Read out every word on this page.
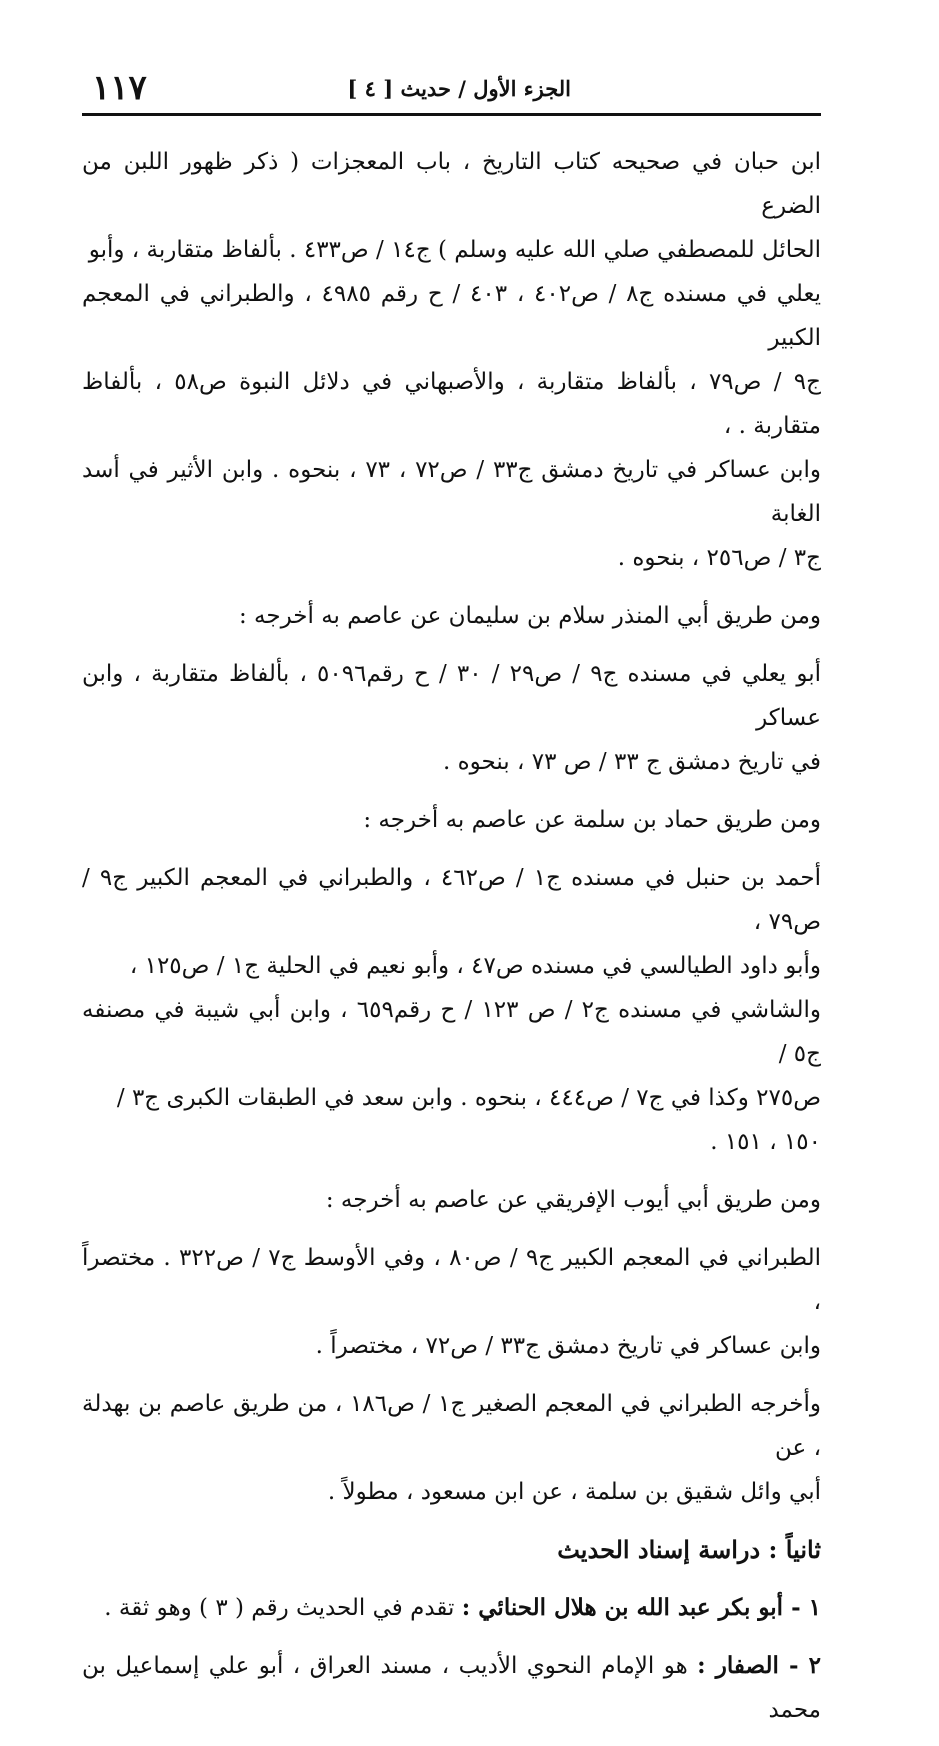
الجزء الأول / حديث [ ٤ ]
١١٧
ابن حبان في صحيحه كتاب التاريخ ، باب المعجزات ( ذكر ظهور اللبن من الضرع
الحائل للمصطفي صلي الله عليه وسلم ) ج١٤ / ص٤٣٣ . بألفاظ متقاربة ، وأبو
يعلي في مسنده ج٨ / ص٤٠٢ ، ٤٠٣ / ح رقم ٤٩٨٥ ، والطبراني في المعجم الكبير
ج٩ / ص٧٩ ، بألفاظ متقاربة ، والأصبهاني في دلائل النبوة ص٥٨ ، بألفاظ متقاربة . ،
وابن عساكر في تاريخ دمشق ج٣٣ / ص٧٢ ، ٧٣ ، بنحوه . وابن الأثير في أسد الغابة
ج٣ / ص٢٥٦ ، بنحوه .
ومن طريق أبي المنذر سلام بن سليمان عن عاصم به أخرجه :
أبو يعلي في مسنده ج٩ / ص٢٩ / ٣٠ / ح رقم٥٠٩٦ ، بألفاظ متقاربة ، وابن عساكر
في تاريخ دمشق ج ٣٣ / ص ٧٣ ، بنحوه .
ومن طريق حماد بن سلمة عن عاصم به أخرجه :
أحمد بن حنبل في مسنده ج١ / ص٤٦٢ ، والطبراني في المعجم الكبير ج٩ / ص٧٩ ،
وأبو داود الطيالسي في مسنده ص٤٧ ، وأبو نعيم في الحلية ج١ / ص١٢٥ ،
والشاشي في مسنده ج٢ / ص ١٢٣ / ح رقم٦٥٩ ، وابن أبي شيبة في مصنفه ج٥ /
ص٢٧٥ وكذا في ج٧ / ص٤٤٤ ، بنحوه . وابن سعد في الطبقات الكبرى ج٣ /
١٥٠ ، ١٥١ .
ومن طريق أبي أيوب الإفريقي عن عاصم به أخرجه :
الطبراني في المعجم الكبير ج٩ / ص٨٠ ، وفي الأوسط ج٧ / ص٣٢٢ . مختصراً ،
وابن عساكر في تاريخ دمشق ج٣٣ / ص٧٢ ، مختصراً .
وأخرجه الطبراني في المعجم الصغير ج١ / ص١٨٦ ، من طريق عاصم بن بهدلة ، عن
أبي وائل شقيق بن سلمة ، عن ابن مسعود ، مطولاً .
ثانياً : دراسة إسناد الحديث
١ - أبو بكر عبد الله بن هلال الحنائي : تقدم في الحديث رقم ( ٣ ) وهو ثقة .
٢ - الصفار : هو الإمام النحوي الأديب ، مسند العراق ، أبو علي إسماعيل بن محمد
